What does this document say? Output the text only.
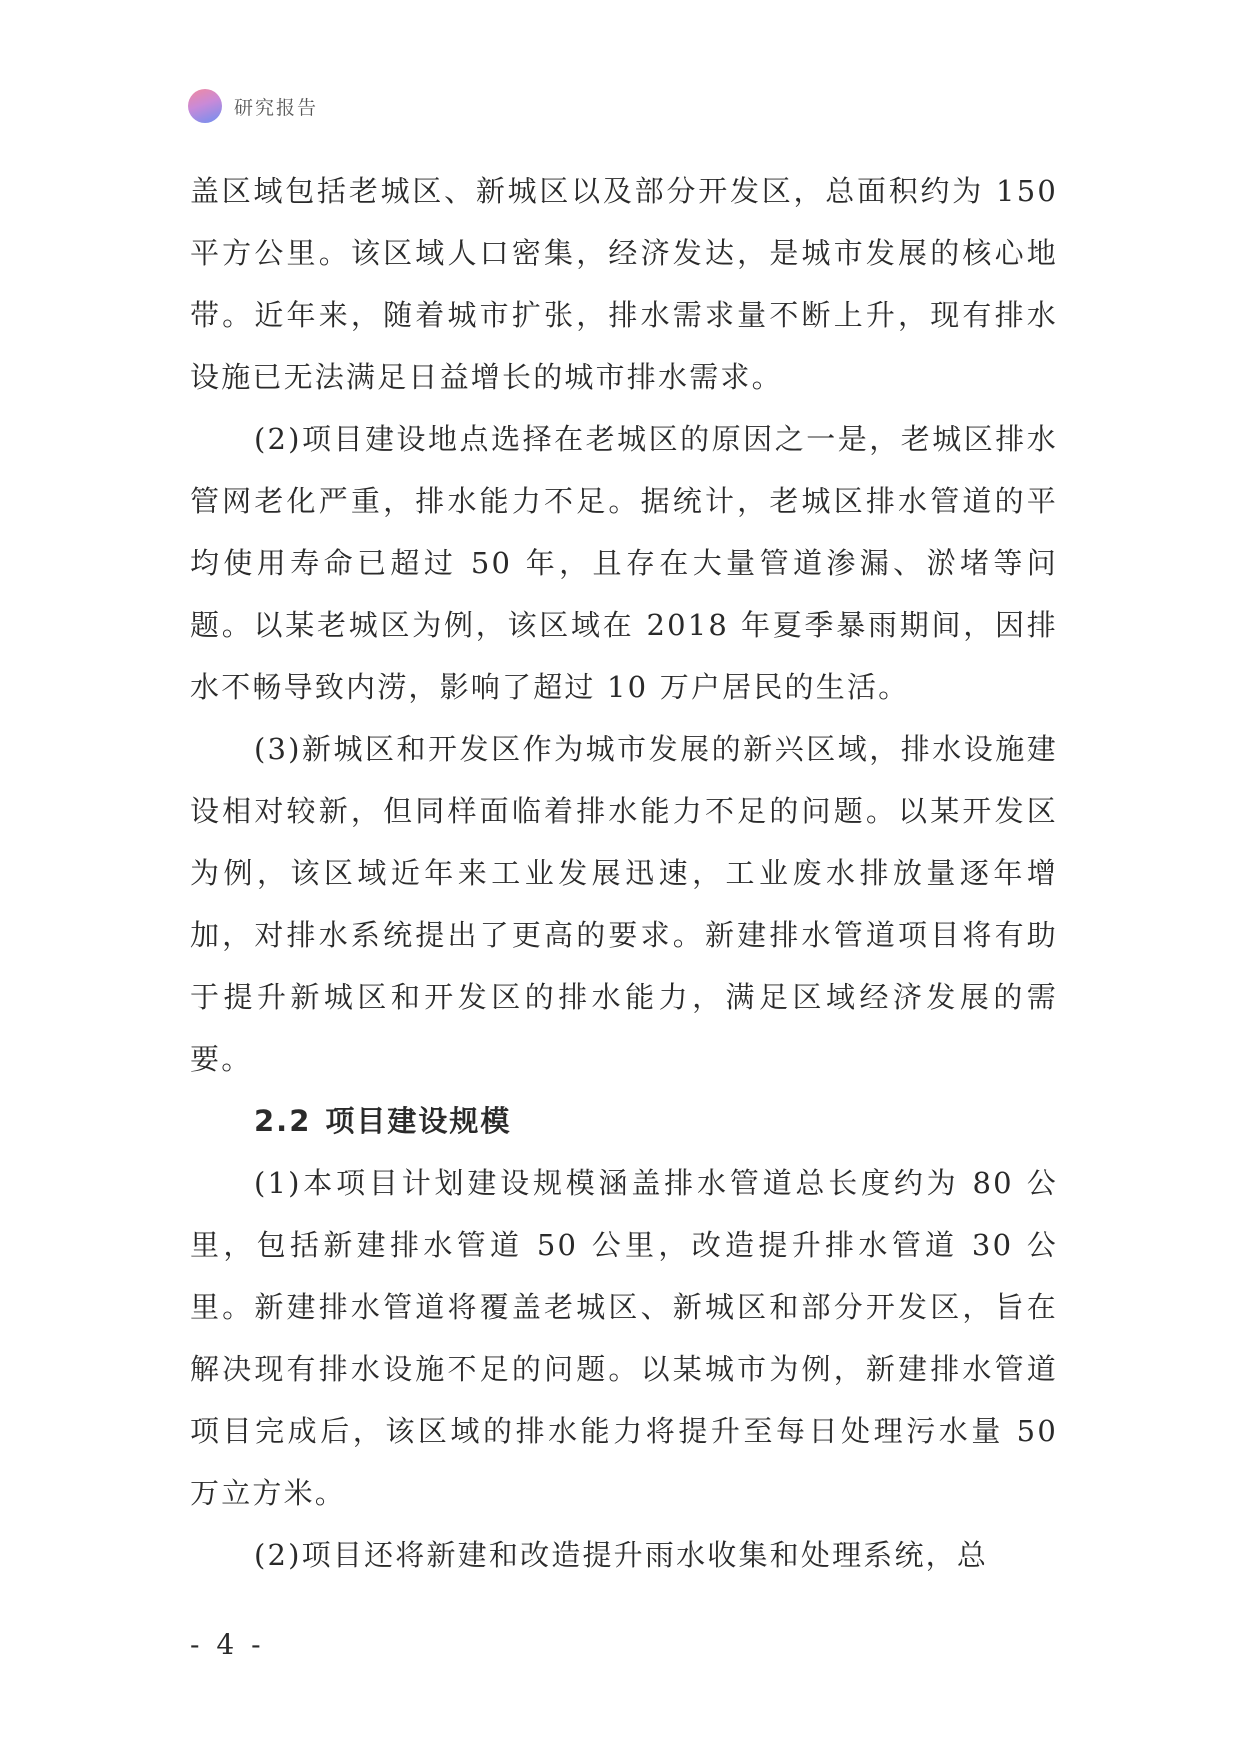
研究报告

盖区域包括老城区、新城区以及部分开发区，总面积约为 150 平方公里。该区域人口密集，经济发达，是城市发展的核心地带。近年来，随着城市扩张，排水需求量不断上升，现有排水设施已无法满足日益增长的城市排水需求。

(2)项目建设地点选择在老城区的原因之一是，老城区排水管网老化严重，排水能力不足。据统计，老城区排水管道的平均使用寿命已超过 50 年，且存在大量管道渗漏、淤堵等问题。以某老城区为例，该区域在 2018 年夏季暴雨期间，因排水不畅导致内涝，影响了超过 10 万户居民的生活。

(3)新城区和开发区作为城市发展的新兴区域，排水设施建设相对较新，但同样面临着排水能力不足的问题。以某开发区为例，该区域近年来工业发展迅速，工业废水排放量逐年增加，对排水系统提出了更高的要求。新建排水管道项目将有助于提升新城区和开发区的排水能力，满足区域经济发展的需要。

2.2 项目建设规模

(1)本项目计划建设规模涵盖排水管道总长度约为 80 公里，包括新建排水管道 50 公里，改造提升排水管道 30 公里。新建排水管道将覆盖老城区、新城区和部分开发区，旨在解决现有排水设施不足的问题。以某城市为例，新建排水管道项目完成后，该区域的排水能力将提升至每日处理污水量 50 万立方米。

(2)项目还将新建和改造提升雨水收集和处理系统，总

- 4 -
